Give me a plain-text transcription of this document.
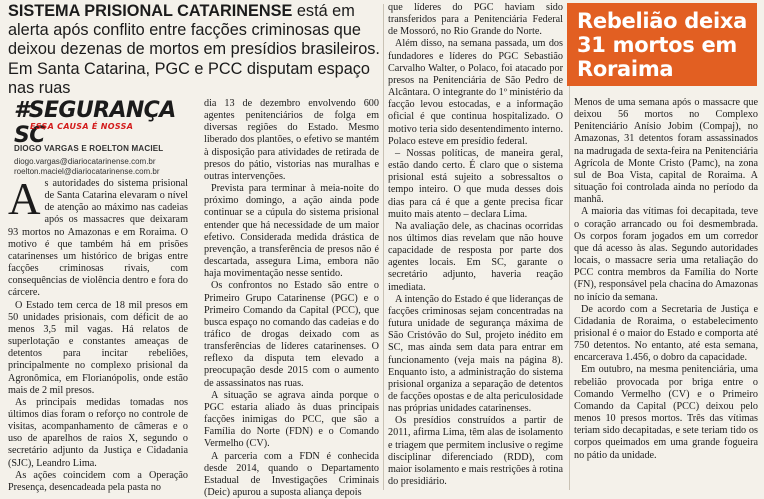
SISTEMA PRISIONAL CATARINENSE está em alerta após conflito entre facções criminosas que deixou dezenas de mortos em presídios brasileiros. Em Santa Catarina, PGC e PCC disputam espaço nas ruas
#SEGURANÇA SC
ESSA CAUSA É NOSSA
DIOGO VARGAS E ROELTON MACIEL
diogo.vargas@diariocatarinense.com.br
roelton.maciel@diariocatarinense.com.br

As autoridades do sistema prisional de Santa Catarina elevaram o nível de atenção ao máximo nas cadeias após os massacres que deixaram 93 mortos no Amazonas e em Roraima. O motivo é que também há em prisões catarinenses um histórico de brigas entre facções criminosas rivais, com consequências de violência dentro e fora do cárcere.

O Estado tem cerca de 18 mil presos em 50 unidades prisionais, com déficit de ao menos 3,5 mil vagas. Há relatos de superlotação e constantes ameaças de detentos para incitar rebeliões, principalmente no complexo prisional da Agronômica, em Florianópolis, onde estão mais de 2 mil presos.

As principais medidas tomadas nos últimos dias foram o reforço no controle de visitas, acompanhamento de câmeras e o uso de aparelhos de raios X, segundo o secretário adjunto da Justiça e Cidadania (SJC), Leandro Lima.

As ações coincidem com a Operação Presença, desencadeada pela pasta no

dia 13 de dezembro envolvendo 600 agentes penitenciários de folga em diversas regiões do Estado. Mesmo liberado dos plantões, o efetivo se mantém à disposição para atividades de retirada de presos do pátio, vistorias nas muralhas e outras intervenções.

Prevista para terminar à meia-noite do próximo domingo, a ação ainda pode continuar se a cúpula do sistema prisional entender que há necessidade de um maior efetivo. Considerada medida drástica de prevenção, a transferência de presos não é descartada, assegura Lima, embora não haja movimentação nesse sentido.

Os confrontos no Estado são entre o Primeiro Grupo Catarinense (PGC) e o Primeiro Comando da Capital (PCC), que busca espaço no comando das cadeias e do tráfico de drogas deixado com as transferências de líderes catarinenses. O reflexo da disputa tem elevado a preocupação desde 2015 com o aumento de assassinatos nas ruas.

A situação se agrava ainda porque o PGC estaria aliado às duas principais facções inimigas do PCC, que são a Família do Norte (FDN) e o Comando Vermelho (CV).

A parceria com a FDN é conhecida desde 2014, quando o Departamento Estadual de Investigações Criminais (Deic) apurou a suposta aliança depois

que líderes do PGC haviam sido transferidos para a Penitenciária Federal de Mossoró, no Rio Grande do Norte.

Além disso, na semana passada, um dos fundadores e líderes do PGC Sebastião Carvalho Walter, o Polaco, foi atacado por presos na Penitenciária de São Pedro de Alcântara. O integrante do 1º ministério da facção levou estocadas, e a informação oficial é que continua hospitalizado. O motivo teria sido desentendimento interno. Polaco esteve em presídio federal.

– Nossas políticas, de maneira geral, estão dando certo. É claro que o sistema prisional está sujeito a sobressaltos o tempo inteiro. O que muda desses dois dias para cá é que a gente precisa ficar muito mais atento – declara Lima.

Na avaliação dele, as chacinas ocorridas nos últimos dias revelam que não houve capacidade de resposta por parte dos agentes locais. Em SC, garante o secretário adjunto, haveria reação imediata.

A intenção do Estado é que lideranças de facções criminosas sejam concentradas na futura unidade de segurança máxima de São Cristóvão do Sul, projeto inédito em SC, mas ainda sem data para entrar em funcionamento (veja mais na página 8). Enquanto isto, a administração do sistema prisional organiza a separação de detentos de facções opostas e de alta periculosidade nas próprias unidades catarinenses.

Os presídios construídos a partir de 2011, afirma Lima, têm alas de isolamento e triagem que permitem inclusive o regime disciplinar diferenciado (RDD), com maior isolamento e mais restrições à rotina do presidiário.

Rebelião deixa 31 mortos em Roraima

Menos de uma semana após o massacre que deixou 56 mortos no Complexo Penitenciário Anísio Jobim (Compaj), no Amazonas, 31 detentos foram assassinados na madrugada de sexta-feira na Penitenciária Agrícola de Monte Cristo (Pamc), na zona sul de Boa Vista, capital de Roraima. A situação foi controlada ainda no período da manhã.

A maioria das vítimas foi decapitada, teve o coração arrancado ou foi desmembrada. Os corpos foram jogados em um corredor que dá acesso às alas. Segundo autoridades locais, o massacre seria uma retaliação do PCC contra membros da Família do Norte (FN), responsável pela chacina do Amazonas no início da semana.

De acordo com a Secretaria de Justiça e Cidadania de Roraima, o estabelecimento prisional é o maior do Estado e comporta até 750 detentos. No entanto, até esta semana, encarcerava 1.456, o dobro da capacidade.

Em outubro, na mesma penitenciária, uma rebelião provocada por briga entre o Comando Vermelho (CV) e o Primeiro Comando da Capital (PCC) deixou pelo menos 10 presos mortos. Três das vítimas teriam sido decapitadas, e sete teriam tido os corpos queimados em uma grande fogueira no pátio da unidade.
